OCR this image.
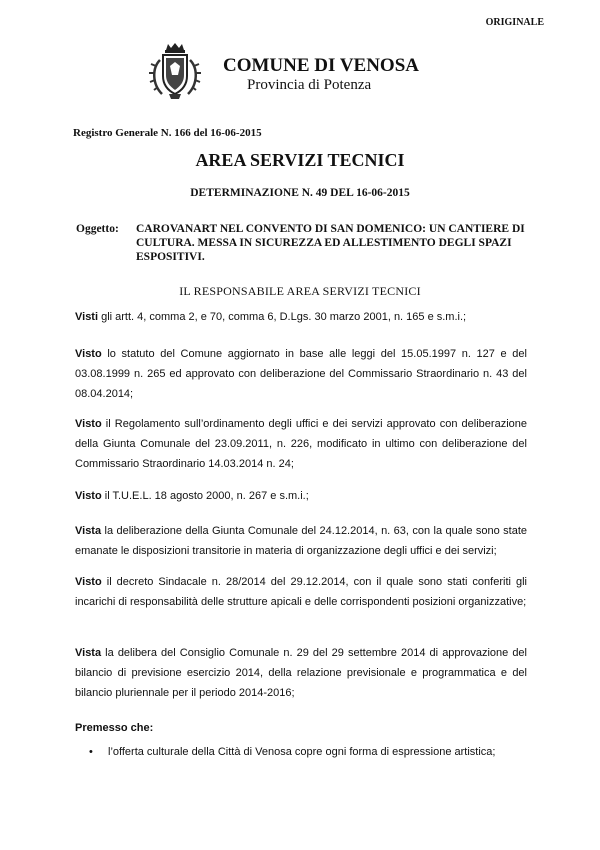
ORIGINALE
COMUNE DI VENOSA
Provincia di Potenza
Registro Generale N. 166 del 16-06-2015
AREA SERVIZI TECNICI
DETERMINAZIONE N. 49 DEL 16-06-2015
Oggetto: CAROVANART NEL CONVENTO DI SAN DOMENICO: UN CANTIERE DI CULTURA. MESSA IN SICUREZZA ED ALLESTIMENTO DEGLI SPAZI ESPOSITIVI.
IL RESPONSABILE AREA SERVIZI TECNICI
Visti gli artt. 4, comma 2, e 70, comma 6, D.Lgs. 30 marzo 2001, n. 165 e s.m.i.;
Visto lo statuto del Comune aggiornato in base alle leggi del 15.05.1997 n. 127 e del 03.08.1999 n. 265 ed approvato con deliberazione del Commissario Straordinario n. 43 del 08.04.2014;
Visto il Regolamento sull’ordinamento degli uffici e dei servizi approvato con deliberazione della Giunta Comunale del 23.09.2011, n. 226, modificato in ultimo con deliberazione del Commissario Straordinario 14.03.2014 n. 24;
Visto il T.U.E.L. 18 agosto 2000, n. 267 e s.m.i.;
Vista la deliberazione della Giunta Comunale del 24.12.2014, n. 63, con la quale sono state emanate le disposizioni transitorie in materia di organizzazione degli uffici e dei servizi;
Visto il decreto Sindacale n. 28/2014 del 29.12.2014, con il quale sono stati conferiti gli incarichi di responsabilità delle strutture apicali e delle corrispondenti posizioni organizzative;
Vista la delibera del Consiglio Comunale n. 29 del 29 settembre 2014 di approvazione del bilancio di previsione esercizio 2014, della relazione previsionale e programmatica e del bilancio pluriennale per il periodo 2014-2016;
Premesso che:
• l’offerta culturale della Città di Venosa copre ogni forma di espressione artistica;
